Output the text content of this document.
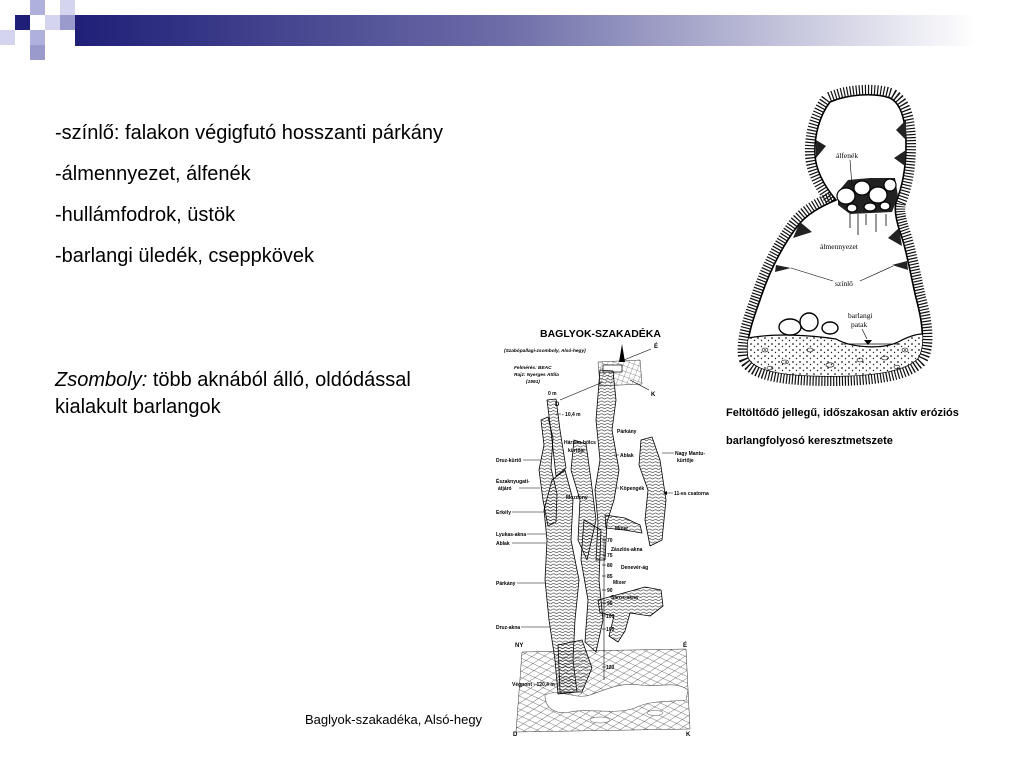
-színlő: falakon végigfutó hosszanti párkány
-álmennyezet, álfenék
-hullámfodrok, üstök
-barlangi üledék, cseppkövek
Zsomboly: több aknából álló, oldódással
kialakult barlangok
álfenék
álmennyezet
színlő
barlangi
patak
Feltöltődő jellegű, időszakosan aktív eróziós
barlangfolyosó keresztmetszete
BAGLYOK-SZAKADÉKA
(Szabópallagi-zsomboly, Alsó-hegy)
Felmérés: BEAC
Rajz: Nyerges Attila
(1991)
É
K
D
0 m
- 10,4 m
Párkány
Hárson-bölcs
kürtője
Ablak	Nagy Mantu-
kürtője
Druz-kürtő
Köpengék
Északnyugati-
átjáró
11-es csatorna
Mozdony
Erkély
Mixer
Lyukas-akna
Ablak
Zászlós-akna
Denevér-ág
Párkány	Mixer
Sáros-akna
Druz-akna
Végpont - 120,4 m
70
75
80
85
90
95
100
105
120
NY	É
D	K
Baglyok-szakadéka, Alsó-hegy
